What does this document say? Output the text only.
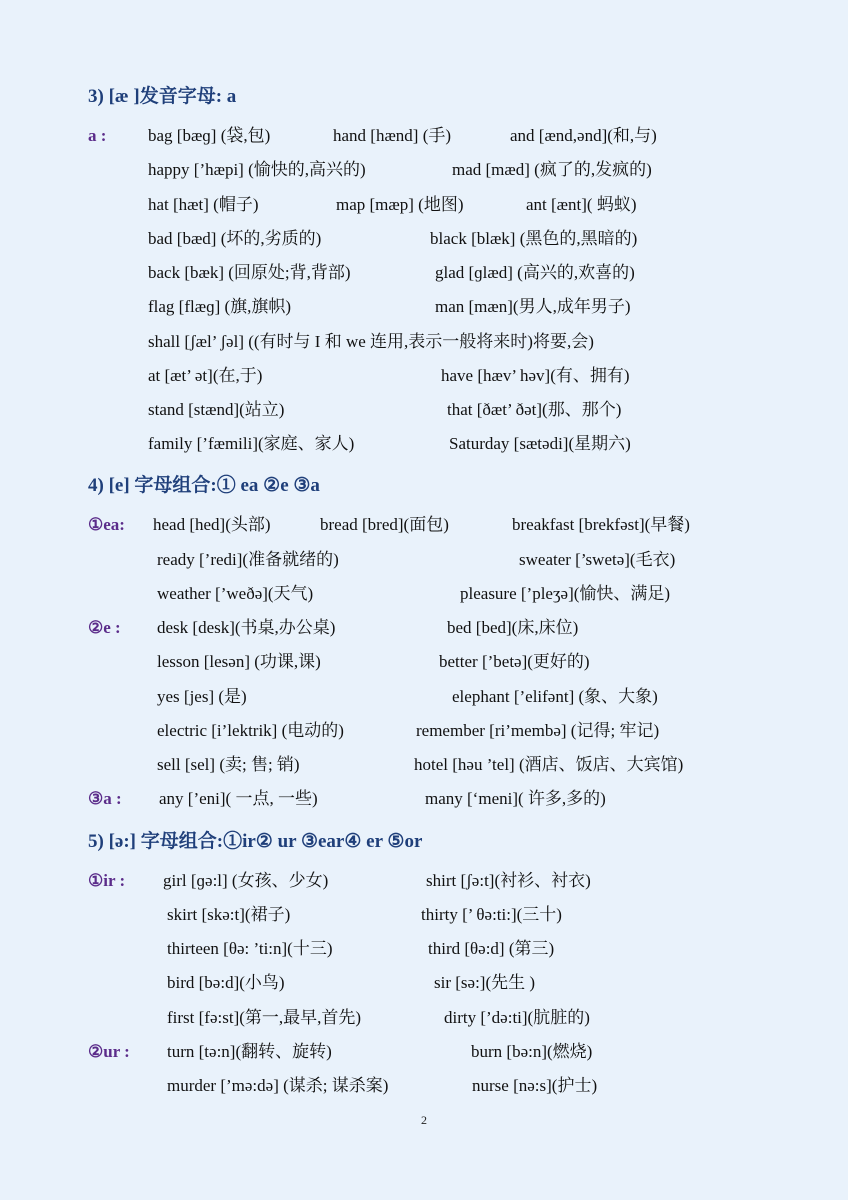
3) [æ ]发音字母: a
a : bag [bæɡ] (袋,包)	hand [hænd] (手)	and [ænd,ənd](和,与)
happy [’hæpi] (愉快的,高兴的)	mad [mæd] (疯了的,发疯的)
hat [hæt] (帽子)	map [mæp] (地图)	ant [ænt]( 蚂蚁)
bad [bæd] (坏的,劣质的)	black [blæk] (黑色的,黑暗的)
back [bæk] (回原处;背,背部)	glad [ɡlæd] (高兴的,欢喜的)
flag [flæɡ] (旗,旗帜)	man [mæn](男人,成年男子)
shall [ʃæl’ ʃəl] ((有时与 I 和 we 连用,表示一般将来时)将要,会)
at [æt’ ət](在,于)	have [hæv’ həv](有、拥有)
stand [stænd](站立)	that [ðæt’ ðət](那、那个)
family [’fæmili](家庭、家人)	Saturday [sætədi](星期六)
4) [e] 字母组合:① ea ②e ③a
①ea: head [hed](头部)	bread [bred](面包)	breakfast [brekfəst](早餐)
ready [’redi](准备就绪的)	sweater [’swetə](毛衣)
weather [’weðə](天气)	pleasure [’pleʒə](愉快、满足)
②e : desk [desk](书桌,办公桌)	bed [bed](床,床位)
lesson [lesən] (功课,课)	better [’betə](更好的)
yes [jes] (是)	elephant [’elifənt] (象、大象)
electric [i’lektrik] (电动的)	remember [ri’membə] (记得; 牢记)
sell [sel] (卖; 售; 销)	hotel [həu ’tel] (酒店、饭店、大宾馆)
③a : any [’eni]( 一点, 一些)	many [‘meni]( 许多,多的)
5) [ə:] 字母组合:①ir② ur ③ear④ er ⑤or
①ir : girl [ɡə:l] (女孩、少女)	shirt [ʃə:t](衬衫、衬衣)
skirt [skə:t](裙子)	thirty [’ θə:ti:](三十)
thirteen [θə: ’ti:n](十三)	third [θə:d] (第三)
bird [bə:d](小鸟)	sir [sə:](先生 )
first [fə:st](第一,最早,首先)	dirty [’də:ti](肮脏的)
②ur : turn [tə:n](翻转、旋转)	burn [bə:n](燃烧)
murder [’mə:də] (谋杀; 谋杀案)	nurse [nə:s](护士)
2
